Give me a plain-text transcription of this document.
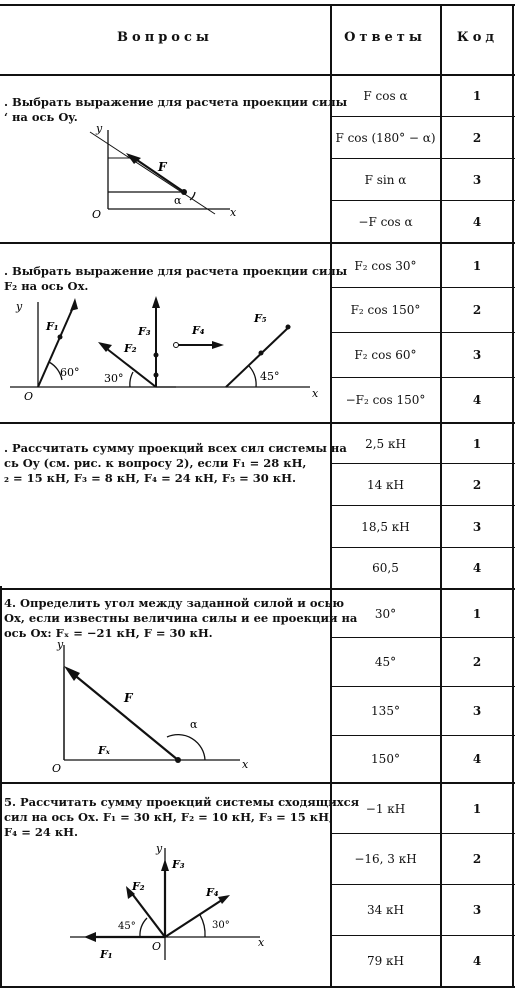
Вопросы	Ответы	Код
. Выбрать выражение для расчета проекции силы
‘ на ось Oy.
y
F
α
O	x
F cos α	1
F cos (180° − α)	2
F sin α	3
−F cos α	4
. Выбрать выражение для расчета проекции силы
F₂ на ось Ox.
y
F₁
60°
F₂
30°
F₃	F₄
F₅
45°
O	x
F₂ cos 30°	1
F₂ cos 150°	2
F₂ cos 60°	3
−F₂ cos 150°	4
. Рассчитать сумму проекций всех сил системы на
сь Oy (см. рис. к вопросу 2), если F₁ = 28 кН,
₂ = 15 кН, F₃ = 8 кН, F₄ = 24 кН, F₅ = 30 кН.
2,5 кН	1
14 кН	2
18,5 кН	3
60,5	4
4. Определить угол между заданной силой и осью
Ox, если известны величина силы и ее проекции на
ось Ox: Fₓ = −21 кН, F = 30 кН.
y
F
α
Fₓ
O	x
30°	1
45°	2
135°	3
150°	4
5. Рассчитать сумму проекций системы сходящихся
сил на ось Ox. F₁ = 30 кН, F₂ = 10 кН, F₃ = 15 кН,
F₄ = 24 кН.
y
F₃
F₂	F₄
45°	30°
F₁
O	x
−1 кН	1
−16, 3 кН	2
34 кН	3
79 кН	4
